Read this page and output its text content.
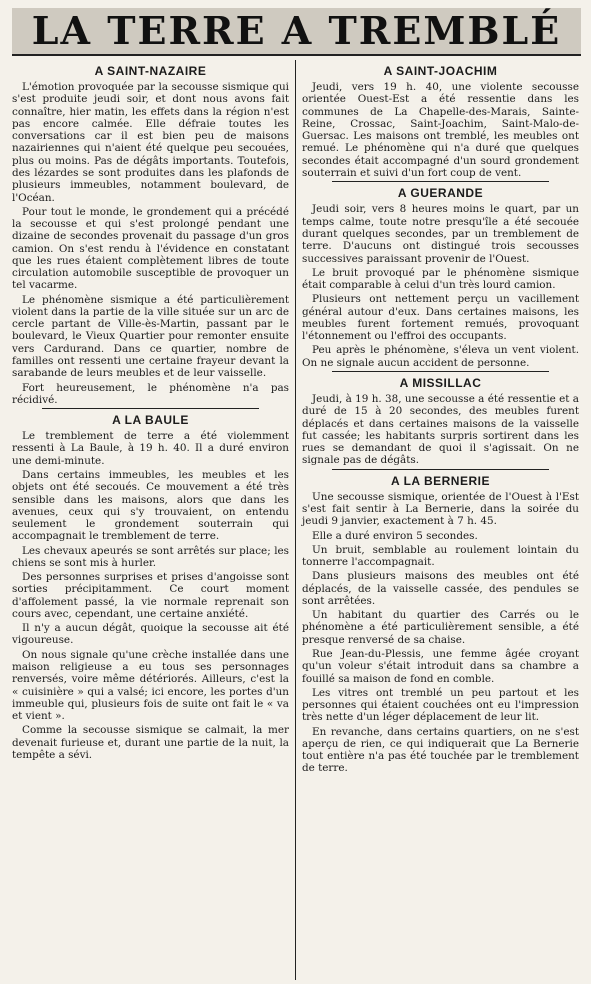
LA TERRE A TREMBLÉ
A SAINT-NAZAIRE

L'émotion provoquée par la secousse sismique qui s'est produite jeudi soir, et dont nous avons fait connaître, hier matin, les effets dans la région n'est pas encore calmée. Elle défraie toutes les conversations car il est bien peu de maisons nazairiennes qui n'aient été quelque peu secouées, plus ou moins. Pas de dégâts importants. Toutefois, des lézardes se sont produites dans les plafonds de plusieurs immeubles, notamment boulevard, de l'Océan.

Pour tout le monde, le grondement qui a précédé la secousse et qui s'est prolongé pendant une dizaine de secondes provenait du passage d'un gros camion. On s'est rendu à l'évidence en constatant que les rues étaient complètement libres de toute circulation automobile susceptible de provoquer un tel vacarme.

Le phénomène sismique a été particulièrement violent dans la partie de la ville située sur un arc de cercle partant de Ville-ès-Martin, passant par le boulevard, le Vieux Quartier pour remonter ensuite vers Cardurand. Dans ce quartier, nombre de familles ont ressenti une certaine frayeur devant la sarabande de leurs meubles et de leur vaisselle.

Fort heureusement, le phénomène n'a pas récidivé.

A LA BAULE

Le tremblement de terre a été violemment ressenti à La Baule, à 19 h. 40. Il a duré environ une demi-minute.

Dans certains immeubles, les meubles et les objets ont été secoués. Ce mouvement a été très sensible dans les maisons, alors que dans les avenues, ceux qui s'y trouvaient, on entendu seulement le grondement souterrain qui accompagnait le tremblement de terre.

Les chevaux apeurés se sont arrêtés sur place; les chiens se sont mis à hurler.

Des personnes surprises et prises d'angoisse sont sorties précipitamment. Ce court moment d'affolement passé, la vie normale reprenait son cours avec, cependant, une certaine anxiété.

Il n'y a aucun dégât, quoique la secousse ait été vigoureuse.

On nous signale qu'une crèche installée dans une maison religieuse a eu tous ses personnages renversés, voire même détériorés. Ailleurs, c'est la « cuisinière » qui a valsé; ici encore, les portes d'un immeuble qui, plusieurs fois de suite ont fait le « va et vient ».

Comme la secousse sismique se calmait, la mer devenait furieuse et, durant une partie de la nuit, la tempête a sévi.

A SAINT-JOACHIM

Jeudi, vers 19 h. 40, une violente secousse orientée Ouest-Est a été ressentie dans les communes de La Chapelle-des-Marais, Sainte-Reine, Crossac, Saint-Joachim, Saint-Malo-de-Guersac. Les maisons ont tremblé, les meubles ont remué. Le phénomène qui n'a duré que quelques secondes était accompagné d'un sourd grondement souterrain et suivi d'un fort coup de vent.

A GUERANDE

Jeudi soir, vers 8 heures moins le quart, par un temps calme, toute notre presqu'île a été secouée durant quelques secondes, par un tremblement de terre. D'aucuns ont distingué trois secousses successives paraissant provenir de l'Ouest.

Le bruit provoqué par le phénomène sismique était comparable à celui d'un très lourd camion.

Plusieurs ont nettement perçu un vacillement général autour d'eux. Dans certaines maisons, les meubles furent fortement remués, provoquant l'étonnement ou l'effroi des occupants.

Peu après le phénomène, s'éleva un vent violent. On ne signale aucun accident de personne.

A MISSILLAC

Jeudi, à 19 h. 38, une secousse a été ressentie et a duré de 15 à 20 secondes, des meubles furent déplacés et dans certaines maisons de la vaisselle fut cassée; les habitants surpris sortirent dans les rues se demandant de quoi il s'agissait. On ne signale pas de dégâts.

A LA BERNERIE

Une secousse sismique, orientée de l'Ouest à l'Est s'est fait sentir à La Bernerie, dans la soirée du jeudi 9 janvier, exactement à 7 h. 45.

Elle a duré environ 5 secondes.

Un bruit, semblable au roulement lointain du tonnerre l'accompagnait.

Dans plusieurs maisons des meubles ont été déplacés, de la vaisselle cassée, des pendules se sont arrêtées.

Un habitant du quartier des Carrés ou le phénomène a été particulièrement sensible, a été presque renversé de sa chaise.

Rue Jean-du-Plessis, une femme âgée croyant qu'un voleur s'était introduit dans sa chambre a fouillé sa maison de fond en comble.

Les vitres ont tremblé un peu partout et les personnes qui étaient couchées ont eu l'impression très nette d'un léger déplacement de leur lit.

En revanche, dans certains quartiers, on ne s'est aperçu de rien, ce qui indiquerait que La Bernerie tout entière n'a pas été touchée par le tremblement de terre.
